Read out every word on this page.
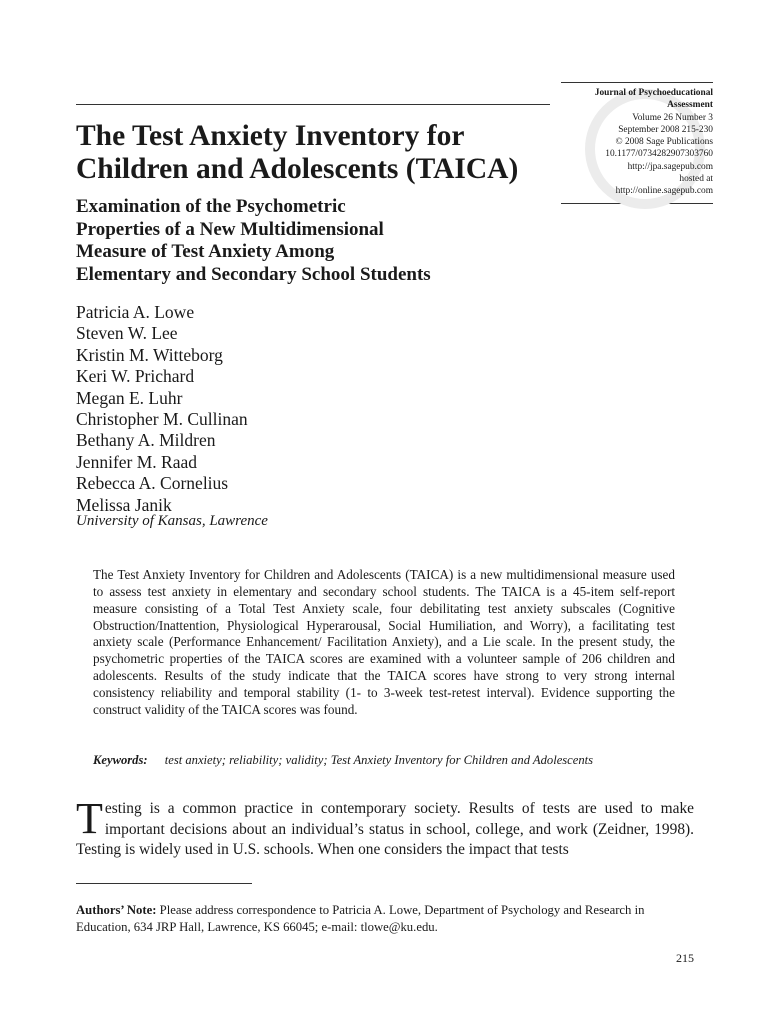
Journal of Psychoeducational
Assessment
Volume 26 Number 3
September 2008 215-230
© 2008 Sage Publications
10.1177/0734282907303760
http://jpa.sagepub.com
hosted at
http://online.sagepub.com
The Test Anxiety Inventory for
Children and Adolescents (TAICA)
Examination of the Psychometric
Properties of a New Multidimensional
Measure of Test Anxiety Among
Elementary and Secondary School Students
Patricia A. Lowe
Steven W. Lee
Kristin M. Witteborg
Keri W. Prichard
Megan E. Luhr
Christopher M. Cullinan
Bethany A. Mildren
Jennifer M. Raad
Rebecca A. Cornelius
Melissa Janik
University of Kansas, Lawrence

The Test Anxiety Inventory for Children and Adolescents (TAICA) is a new multidimensional measure used to assess test anxiety in elementary and secondary school students. The TAICA is a 45-item self-report measure consisting of a Total Test Anxiety scale, four debilitating test anxiety subscales (Cognitive Obstruction/Inattention, Physiological Hyperarousal, Social Humiliation, and Worry), a facilitating test anxiety scale (Performance Enhancement/ Facilitation Anxiety), and a Lie scale. In the present study, the psychometric properties of the TAICA scores are examined with a volunteer sample of 206 children and adolescents. Results of the study indicate that the TAICA scores have strong to very strong internal consistency reliability and temporal stability (1- to 3-week test-retest interval). Evidence supporting the construct validity of the TAICA scores was found.

Keywords: test anxiety; reliability; validity; Test Anxiety Inventory for Children and Adolescents

T esting is a common practice in contemporary society. Results of tests are used to make important decisions about an individual’s status in school, college, and work (Zeidner, 1998). Testing is widely used in U.S. schools. When one considers the impact that tests

Authors’ Note: Please address correspondence to Patricia A. Lowe, Department of Psychology and Research in Education, 634 JRP Hall, Lawrence, KS 66045; e-mail: tlowe@ku.edu.

215
